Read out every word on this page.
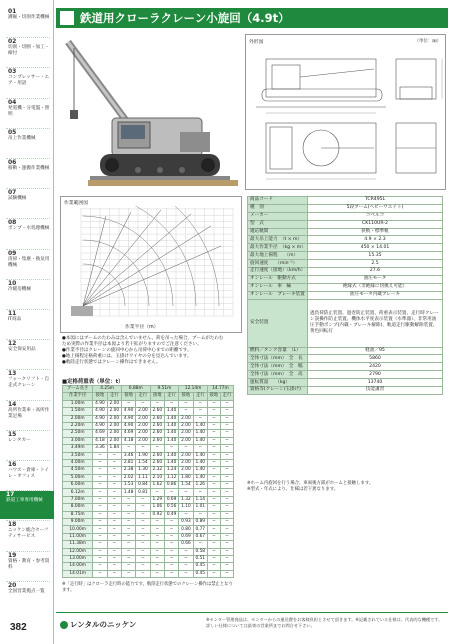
01
溝掘・切削作業機械
02
切削・切断・加工・締付
03
コンプレッサー・エア・用語
04
発電機・分電盤・照明
05
吊上作業機械
06
移動・運搬作業機械
07
試験機械
08
ポンプ・水処理機械
09
清掃・集塵・換気用機械
10
冷暖房機械
11
IT商品
12
安全保安用品
13
フォークリフト・自走式クレーン
14
高所作業車・高所作業足場
15
レンタカー
16
ハウス・倉庫・トイレ・オフィス
17
鉄道工事専用機械
18
ニッケン総合セーフティサービス
19
資格・教育・参考資料
20
全国営業拠点一覧
382
鉄道用クローラクレーン小旋回（4.9t）
外形図	（単位：㎜）
作業範囲図
作業半径（m）
●本図にはブームのたわみは含んでいません。荷を吊った場合、ブームがたわむため実際の作業半径は本図より若干拡がりますのでご注意ください。
●作業半径はクレーンの旋回中心から吊荷中心までの距離です。
●地上揚程定格荷重には、玉掛けワイヤの分を見込んでいます。
●軌陸走行状態ではクレーン操作はできません。
■定格荷重表（単位：t）
ブーム長さ	4.25m		6.88m		9.51m		12.14m		14.77m	
作業半径	接地	走行	接地	走行	接地	走行	接地	走行	接地	走行
1.00m	4.90	2.00	−	−	−	−	−	−	−	−
1.50m	4.90	2.00	4.90	2.00	2.60	1.40	−	−	−	−
2.00m	4.90	2.00	4.90	2.00	2.60	1.40	2.00	−	−	−
2.20m	4.90	2.00	4.90	2.00	2.60	1.40	2.00	1.40	−	−
2.50m	4.69	2.00	4.69	2.00	2.60	1.40	2.00	1.40	−	−
3.00m	4.18	2.00	4.18	2.00	2.60	1.40	2.00	1.40	−	−
3.49m	3.36	1.84	−	−	−	−	−	−	−	−
3.50m	−	−	3.46	1.90	2.60	1.40	2.00	1.40	−	−
4.00m	−	−	2.81	1.54	2.60	1.40	2.00	1.40	−	−
4.50m	−	−	2.38	1.30	2.32	1.24	2.00	1.40	−	−
5.00m	−	−	2.02	1.11	2.10	1.12	1.80	1.40	−	−
6.00m	−	−	1.53	0.84	1.62	0.86	1.54	1.26	−	−
6.12m	−	−	1.48	0.81	−	−	−	−	−	−
7.00m	−	−	−	−	1.29	0.69	1.32	1.14	−	−
8.00m	−	−	−	−	1.06	0.56	1.10	1.01	−	−
8.75m	−	−	−	−	0.92	0.49	−	−	−	−
9.00m	−	−	−	−	−	−	0.93	0.89	−	−
10.00m	−	−	−	−	−	−	0.80	0.77	−	−
11.00m	−	−	−	−	−	−	0.69	0.67	−	−
11.38m	−	−	−	−	−	−	0.66	−	−	−
12.00m	−	−	−	−	−	−	−	0.58	−	−
13.00m	−	−	−	−	−	−	−	0.51	−	−
14.00m	−	−	−	−	−	−	−	0.45	−	−
14.01m	−	−	−	−	−	−	−	0.45	−	−
※「走行時」はクローラ走行時の能力です。軌陸走行状態でのクレーン操作は禁止となります。
商品コード	TCR495L
種　別	5段ブーム(ヘビーウエイト)
メーカー	コベルコ
型　式	CK110UR-2
適応軌間	狭軌・標準軌
最大吊上能力　（t × m）	4.9 × 2.3
最大作業半径　（kg × m）	450 × 14.01
最大地上揚程　　（m）	15.35
旋回速度　　（min⁻¹）	2.5
走行速度（接地）（km/h）	27.6
オンレール　駆動方式	油圧モータ
オンレール　車　輪	絶縁式（非絶縁に切換え可能）
オンレール　ブレーキ装置	油圧モータ内蔵ブレーキ
安全装置	過負荷防止装置、過巻防止装置、荷重表示装置、走行時クレーン誤操作防止装置、機体水平度表示装置（水準器）、非常用油圧手動ポンプ(内蔵・ブレーキ解除)、軌道走行駆動解除装置、黄色回転灯
燃料／タンク容量　（L）	軽油／95
全体寸法（mm）　全　長	5860
全体寸法（mm）　全　幅	2420
全体寸法（mm）　全　高	2790
運転質量　　（kg）	13740
資格等(クレーン/玉掛け)	技能講習
※ホーム内旋回を行う場合、車両後方部がホームと接触します。
※型式・年式により、仕様は若干異なります。
レンタルのニッケン
※センター管理商品は、センターからの運送費をお客様負担とさせて頂きます。※記載されている仕様は、代表的な機種です。詳しい仕様については最寄の営業所までお問合せ下さい。
